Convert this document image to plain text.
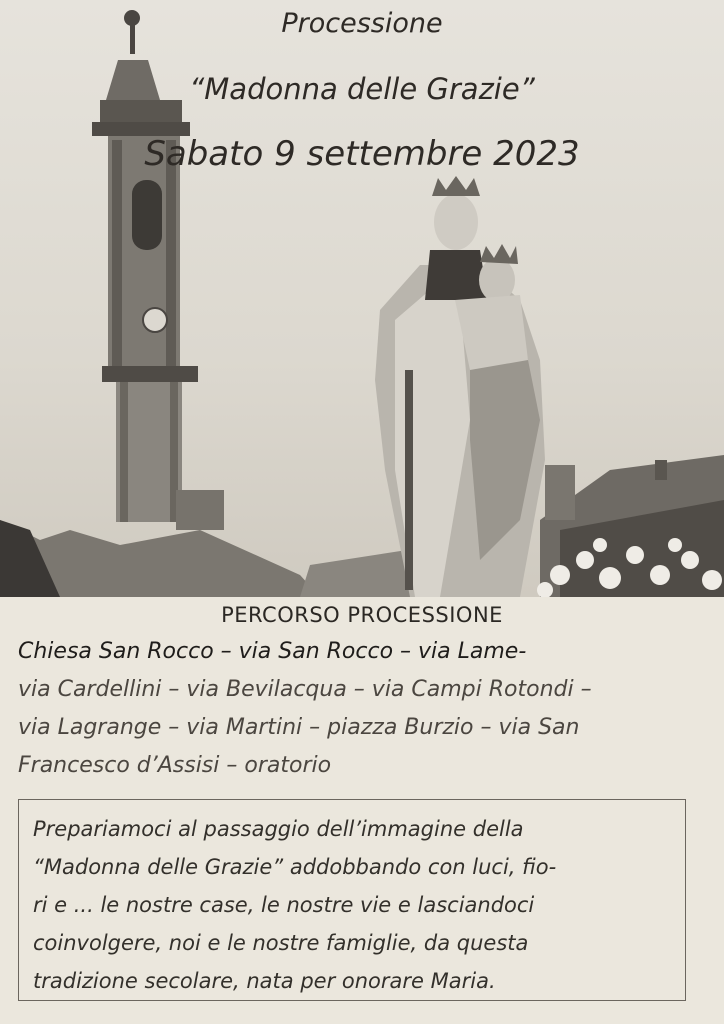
Processione
“Madonna delle Grazie”
Sabato 9 settembre 2023
PERCORSO PROCESSIONE
Chiesa San Rocco – via San Rocco – via Lame-
via Cardellini – via Bevilacqua – via Campi Rotondi –
via Lagrange – via Martini – piazza Burzio – via San
Francesco d’Assisi – oratorio
Prepariamoci al passaggio dell’immagine della
“Madonna delle Grazie” addobbando con luci, fio-
ri e ... le nostre case, le nostre vie e lasciandoci
coinvolgere, noi e le nostre famiglie, da questa
tradizione secolare, nata per onorare Maria.
